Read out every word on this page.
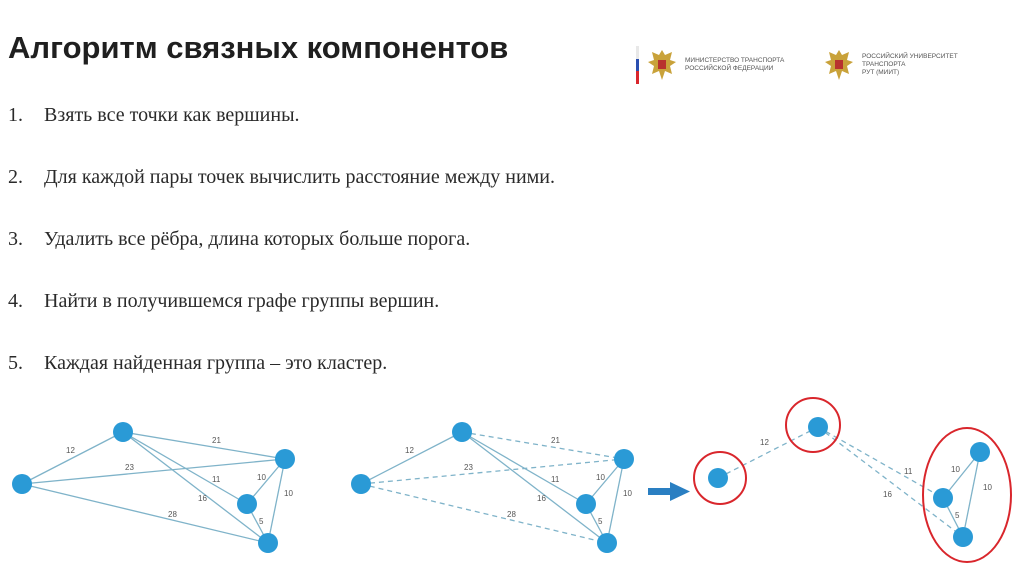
Алгоритм связных компонентов
1. Взять все точки как вершины.
2. Для каждой пары точек вычислить расстояние между ними.
3. Удалить все рёбра, длина которых больше порога.
4. Найти в получившемся графе группы вершин.
5. Каждая найденная группа – это кластер.
МИНИСТЕРСТВО ТРАНСПОРТА
РОССИЙСКОЙ ФЕДЕРАЦИИ
РОССИЙСКИЙ УНИВЕРСИТЕТ
ТРАНСПОРТА
РУТ (МИИТ)
12
23
21
11
16
10
10
28
5
12
23
21
11
16
10
10
28
5
12
11
16
10
10
5
